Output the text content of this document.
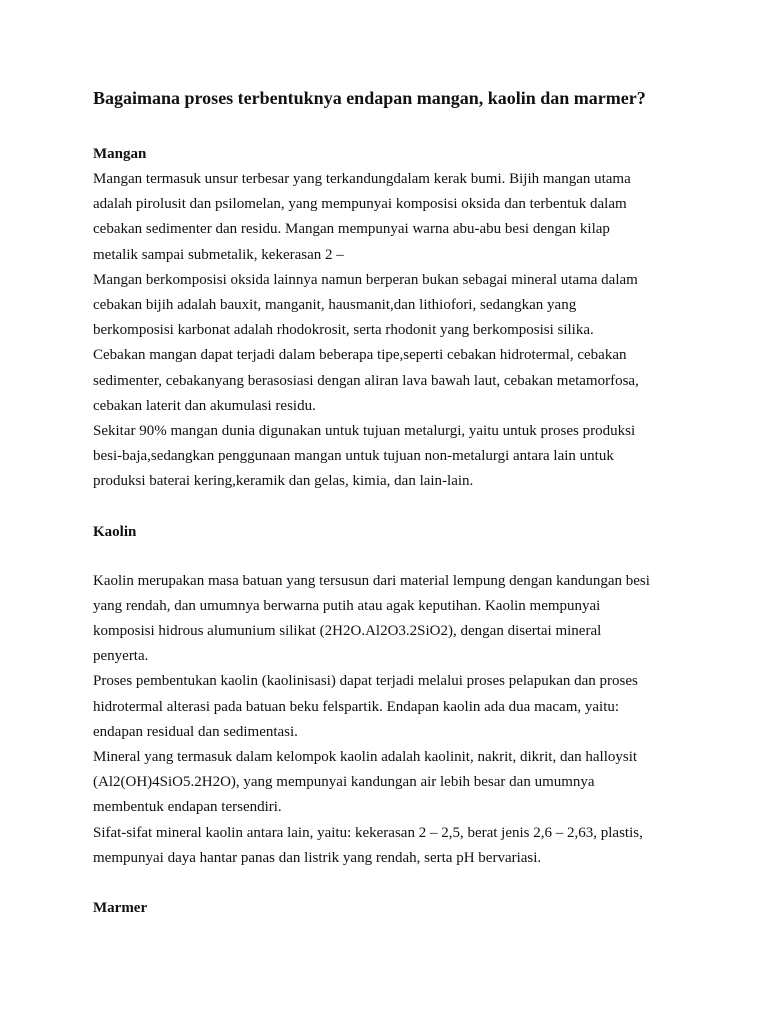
Bagaimana proses terbentuknya endapan mangan, kaolin dan marmer?
Mangan
Mangan termasuk unsur terbesar yang terkandungdalam kerak bumi. Bijih mangan utama
adalah pirolusit dan psilomelan, yang mempunyai komposisi oksida dan terbentuk dalam
cebakan sedimenter dan residu. Mangan mempunyai warna abu-abu besi dengan kilap
metalik sampai submetalik, kekerasan 2 –
Mangan berkomposisi oksida lainnya namun berperan bukan sebagai mineral utama dalam
cebakan bijih adalah bauxit, manganit, hausmanit,dan lithiofori, sedangkan yang
berkomposisi karbonat adalah rhodokrosit, serta rhodonit yang berkomposisi silika.
Cebakan mangan dapat terjadi dalam beberapa tipe,seperti cebakan hidrotermal, cebakan
sedimenter, cebakanyang berasosiasi dengan aliran lava bawah laut, cebakan metamorfosa,
cebakan laterit dan akumulasi residu.
Sekitar 90% mangan dunia digunakan untuk tujuan metalurgi, yaitu untuk proses produksi
besi-baja,sedangkan penggunaan mangan untuk tujuan non-metalurgi antara lain untuk
produksi baterai kering,keramik dan gelas, kimia, dan lain-lain.
Kaolin
Kaolin merupakan masa batuan yang tersusun dari material lempung dengan kandungan besi
yang rendah, dan umumnya berwarna putih atau agak keputihan. Kaolin mempunyai
komposisi hidrous alumunium silikat (2H2O.Al2O3.2SiO2), dengan disertai mineral
penyerta.
Proses pembentukan kaolin (kaolinisasi) dapat terjadi melalui proses pelapukan dan proses
hidrotermal alterasi pada batuan beku felspartik. Endapan kaolin ada dua macam, yaitu:
endapan residual dan sedimentasi.
Mineral yang termasuk dalam kelompok kaolin adalah kaolinit, nakrit, dikrit, dan halloysit
(Al2(OH)4SiO5.2H2O), yang mempunyai kandungan air lebih besar dan umumnya
membentuk endapan tersendiri.
Sifat-sifat mineral kaolin antara lain, yaitu: kekerasan 2 – 2,5, berat jenis 2,6 – 2,63, plastis,
mempunyai daya hantar panas dan listrik yang rendah, serta pH bervariasi.
Marmer
